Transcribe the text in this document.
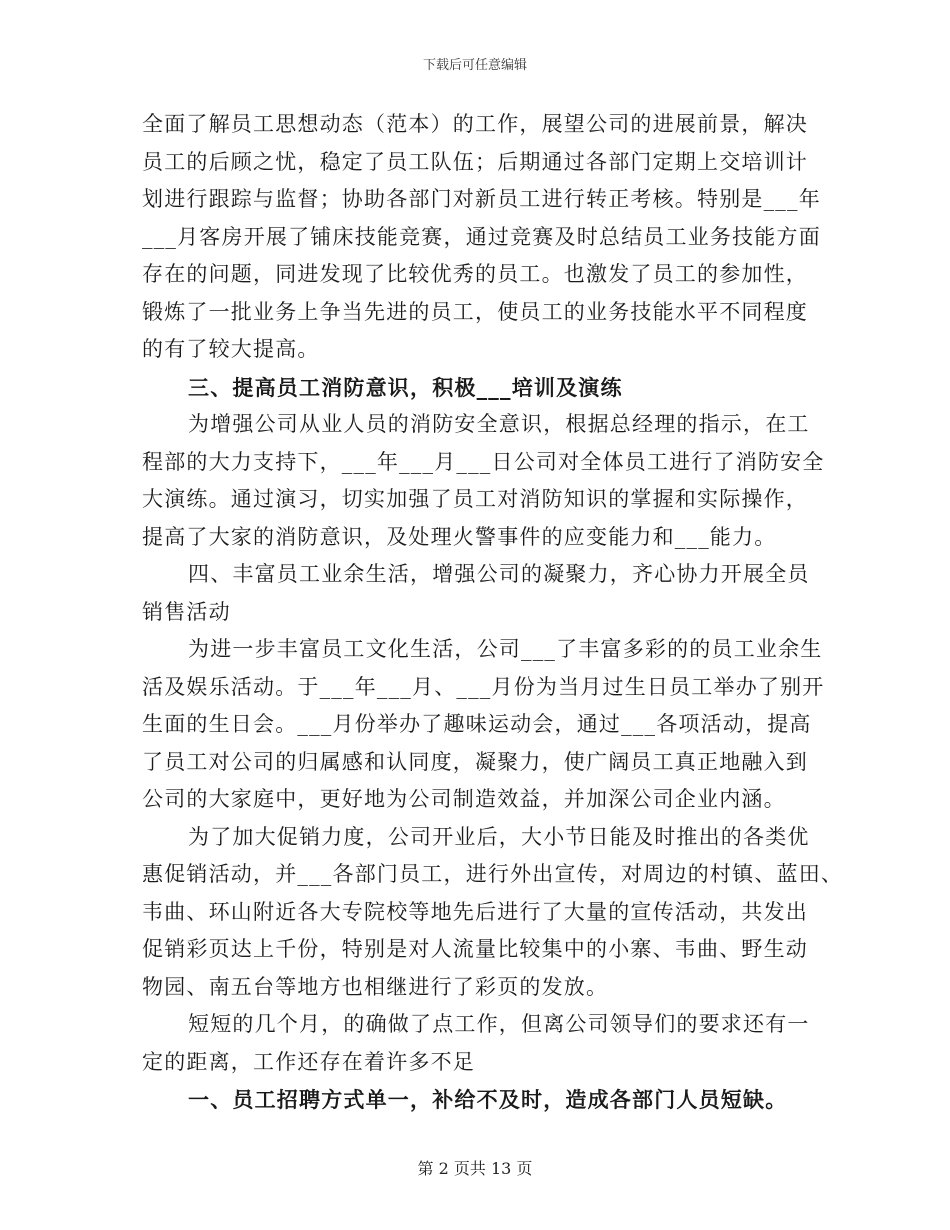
下载后可任意编辑
全面了解员工思想动态（范本）的工作，展望公司的进展前景，解决
员工的后顾之忧，稳定了员工队伍；后期通过各部门定期上交培训计
划进行跟踪与监督；协助各部门对新员工进行转正考核。特别是___年
___月客房开展了铺床技能竞赛，通过竞赛及时总结员工业务技能方面
存在的问题，同进发现了比较优秀的员工。也激发了员工的参加性，
锻炼了一批业务上争当先进的员工，使员工的业务技能水平不同程度
的有了较大提高。
三、提高员工消防意识，积极___培训及演练
为增强公司从业人员的消防安全意识，根据总经理的指示，在工
程部的大力支持下，___年___月___日公司对全体员工进行了消防安全
大演练。通过演习，切实加强了员工对消防知识的掌握和实际操作，
提高了大家的消防意识，及处理火警事件的应变能力和___能力。
四、丰富员工业余生活，增强公司的凝聚力，齐心协力开展全员
销售活动
为进一步丰富员工文化生活，公司___了丰富多彩的的员工业余生
活及娱乐活动。于___年___月、___月份为当月过生日员工举办了别开
生面的生日会。___月份举办了趣味运动会，通过___各项活动，提高
了员工对公司的归属感和认同度，凝聚力，使广阔员工真正地融入到
公司的大家庭中，更好地为公司制造效益，并加深公司企业内涵。
为了加大促销力度，公司开业后，大小节日能及时推出的各类优
惠促销活动，并___各部门员工，进行外出宣传，对周边的村镇、蓝田、
韦曲、环山附近各大专院校等地先后进行了大量的宣传活动，共发出
促销彩页达上千份，特别是对人流量比较集中的小寨、韦曲、野生动
物园、南五台等地方也相继进行了彩页的发放。
短短的几个月，的确做了点工作，但离公司领导们的要求还有一
定的距离，工作还存在着许多不足
一、员工招聘方式单一，补给不及时，造成各部门人员短缺。
第 2 页共 13 页
